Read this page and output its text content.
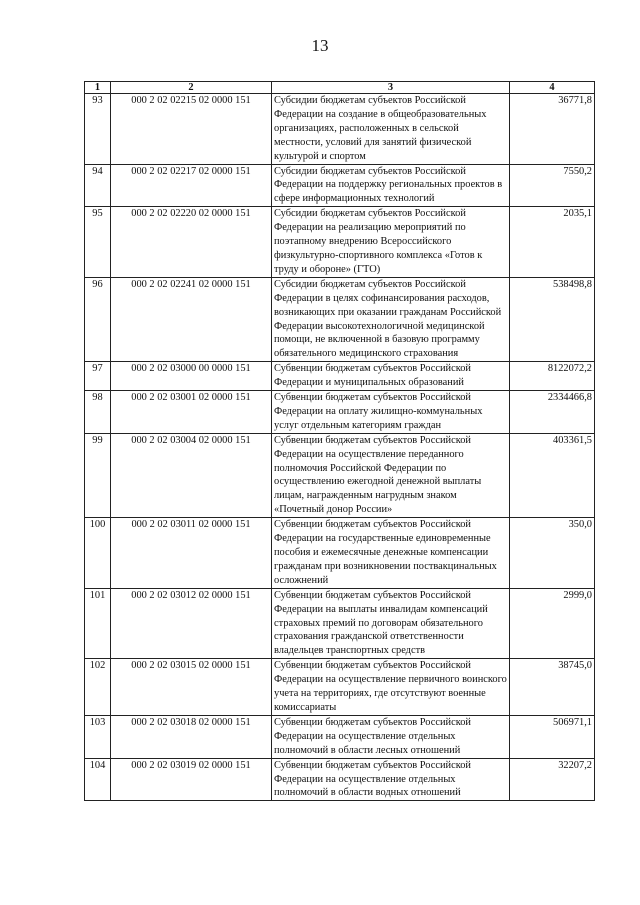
13
1	2	3	4
93	000 2 02 02215 02 0000 151	Субсидии бюджетам субъектов Российской Федерации на создание в общеобразовательных организациях, расположенных в сельской местности, условий для занятий физической культурой и спортом	36771,8
94	000 2 02 02217 02 0000 151	Субсидии бюджетам субъектов Российской Федерации на поддержку региональных проектов в сфере информационных технологий	7550,2
95	000 2 02 02220 02 0000 151	Субсидии бюджетам субъектов Российской Федерации на реализацию мероприятий по поэтапному внедрению Всероссийского физкультурно-спортивного комплекса «Готов к труду и обороне» (ГТО)	2035,1
96	000 2 02 02241 02 0000 151	Субсидии бюджетам субъектов Российской Федерации в целях софинансирования расходов, возникающих при оказании гражданам Российской Федерации высокотехнологичной медицинской помощи, не включенной в базовую программу обязательного медицинского страхования	538498,8
97	000 2 02 03000 00 0000 151	Субвенции бюджетам субъектов Российской Федерации и муниципальных образований	8122072,2
98	000 2 02 03001 02 0000 151	Субвенции бюджетам субъектов Российской Федерации на оплату жилищно-коммунальных услуг отдельным категориям граждан	2334466,8
99	000 2 02 03004 02 0000 151	Субвенции бюджетам субъектов Российской Федерации на осуществление переданного полномочия Российской Федерации по осуществлению ежегодной денежной выплаты лицам, награжденным нагрудным знаком «Почетный донор России»	403361,5
100	000 2 02 03011 02 0000 151	Субвенции бюджетам субъектов Российской Федерации на государственные единовременные пособия и ежемесячные денежные компенсации гражданам при возникновении поствакцинальных осложнений	350,0
101	000 2 02 03012 02 0000 151	Субвенции бюджетам субъектов Российской Федерации на выплаты инвалидам компенсаций страховых премий по договорам обязательного страхования гражданской ответственности владельцев транспортных средств	2999,0
102	000 2 02 03015 02 0000 151	Субвенции бюджетам субъектов Российской Федерации на осуществление первичного воинского учета на территориях, где отсутствуют военные комиссариаты	38745,0
103	000 2 02 03018 02 0000 151	Субвенции бюджетам субъектов Российской Федерации на осуществление отдельных полномочий в области лесных отношений	506971,1
104	000 2 02 03019 02 0000 151	Субвенции бюджетам субъектов Российской Федерации на осуществление отдельных полномочий в области водных отношений	32207,2
